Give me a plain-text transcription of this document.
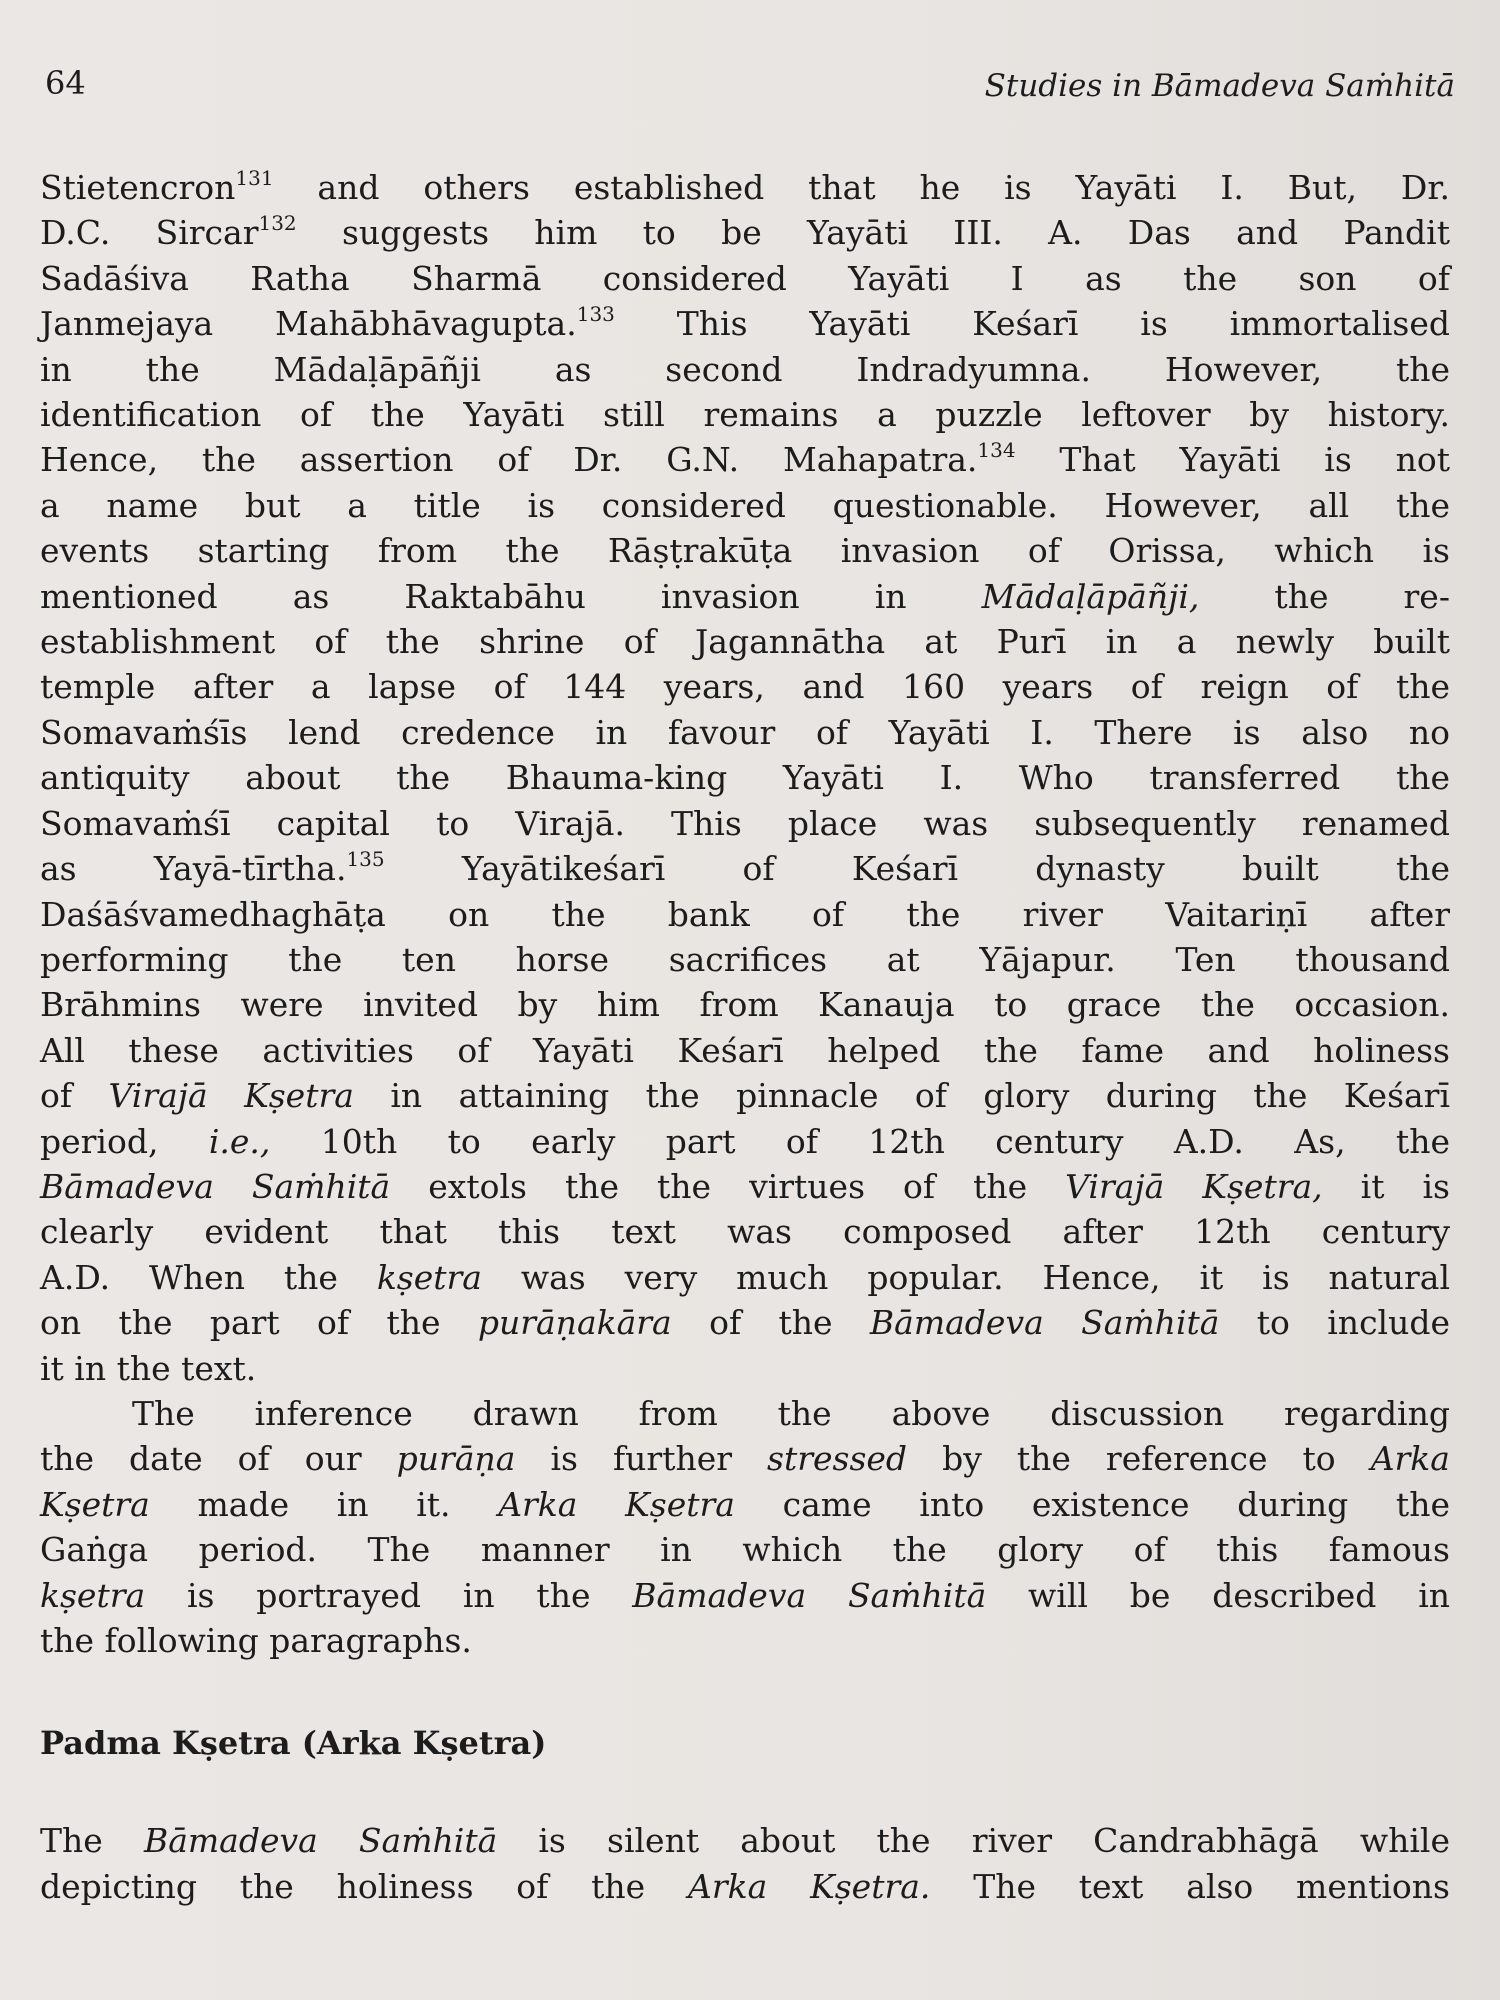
64	Studies in Bāmadeva Saṁhitā

Stietencron$^{131}$ and others established that he is Yayāti I. But, Dr.
D.C. Sircar$^{132}$ suggests him to be Yayāti III. A. Das and Pandit
Sadāśiva Ratha Sharmā considered Yayāti I as the son of
Janmejaya Mahābhāvagupta.$^{133}$ This Yayāti Keśarī is immortalised
in the Mādaḷāpāñji as second Indradyumna. However, the
identification of the Yayāti still remains a puzzle leftover by history.
Hence, the assertion of Dr. G.N. Mahapatra.$^{134}$ That Yayāti is not
a name but a title is considered questionable. However, all the
events starting from the Rāṣṭrakūṭa invasion of Orissa, which is
mentioned as Raktabāhu invasion in Mādaḷāpāñji, the re-
establishment of the shrine of Jagannātha at Purī in a newly built
temple after a lapse of 144 years, and 160 years of reign of the
Somavaṁśīs lend credence in favour of Yayāti I. There is also no
antiquity about the Bhauma-king Yayāti I. Who transferred the
Somavaṁśī capital to Virajā. This place was subsequently renamed
as Yayā-tīrtha.$^{135}$ Yayātikeśarī of Keśarī dynasty built the
Daśāśvamedhaghāṭa on the bank of the river Vaitariṇī after
performing the ten horse sacrifices at Yājapur. Ten thousand
Brāhmins were invited by him from Kanauja to grace the occasion.
All these activities of Yayāti Keśarī helped the fame and holiness
of Virajā Kṣetra in attaining the pinnacle of glory during the Keśarī
period, i.e., 10th to early part of 12th century A.D. As, the
Bāmadeva Saṁhitā extols the the virtues of the Virajā Kṣetra, it is
clearly evident that this text was composed after 12th century
A.D. When the kṣetra was very much popular. Hence, it is natural
on the part of the purāṇakāra of the Bāmadeva Saṁhitā to include
it in the text.

The inference drawn from the above discussion regarding
the date of our purāṇa is further stressed by the reference to Arka
Kṣetra made in it. Arka Kṣetra came into existence during the
Gaṅga period. The manner in which the glory of this famous
kṣetra is portrayed in the Bāmadeva Saṁhitā will be described in
the following paragraphs.

Padma Kṣetra (Arka Kṣetra)

The Bāmadeva Saṁhitā is silent about the river Candrabhāgā while
depicting the holiness of the Arka Kṣetra. The text also mentions
